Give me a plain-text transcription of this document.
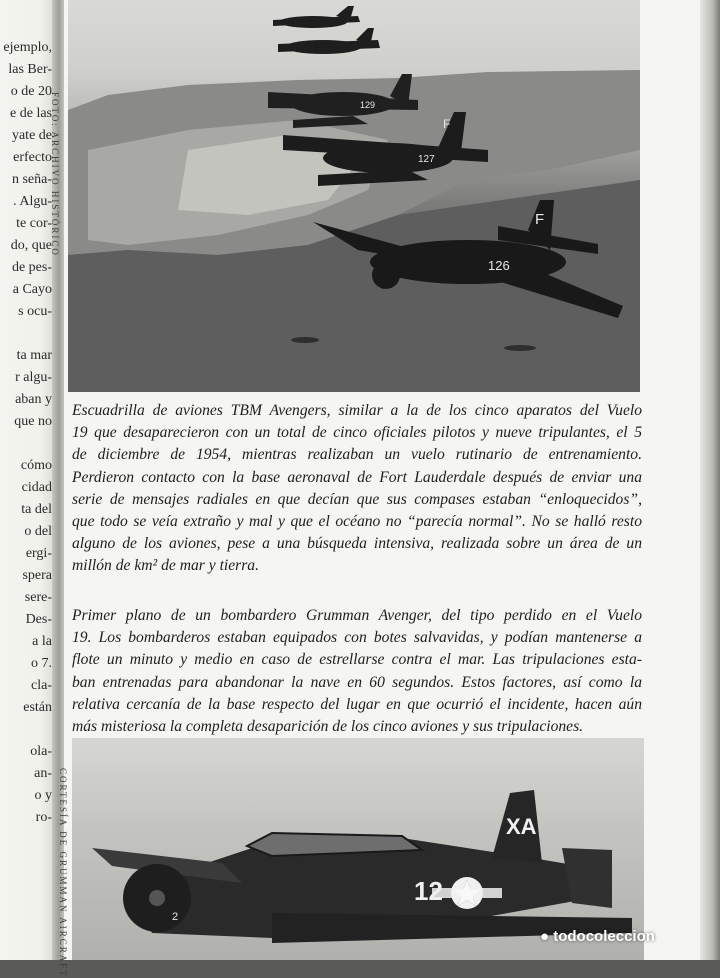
ejemplo,
las Ber-
o de 20
e de las
yate de
erfecto
n seña-
. Algu-
te cor-
do, que
de pes-
a Cayo
s ocu-
ta mar
r algu-
aban y
que no
cómo
cidad
ta del
o del
ergi-
spera
sere-
Des-
a la
o 7.
cla-
están
ola-
an-
o y
ro-
129
127
126
F
F
FOTO: ARCHIVO HISTÓRICO
Escuadrilla de aviones TBM Avengers, similar a la de los cinco aparatos del Vuelo
19 que desaparecieron con un total de cinco oficiales pilotos y nueve tripulantes, el 5
de diciembre de 1954, mientras realizaban un vuelo rutinario de entrenamiento.
Perdieron contacto con la base aeronaval de Fort Lauderdale después de enviar una
serie de mensajes radiales en que decían que sus compases estaban “enloquecidos”,
que todo se veía extraño y mal y que el océano no “parecía normal”. No se halló resto
alguno de los aviones, pese a una búsqueda intensiva, realizada sobre un área de un
millón de km² de mar y tierra.
Primer plano de un bombardero Grumman Avenger, del tipo perdido en el Vuelo
19. Los bombarderos estaban equipados con botes salvavidas, y podían mantenerse a
flote un minuto y medio en caso de estrellarse contra el mar. Las tripulaciones esta-
ban entrenadas para abandonar la nave en 60 segundos. Estos factores, así como la
relativa cercanía de la base respecto del lugar en que ocurrió el incidente, hacen aún
más misteriosa la completa desaparición de los cinco aviones y sus tripulaciones.
12
XA
2
CORTESÍA DE GRUMMAN AIRCRAFT	● todocoleccion
